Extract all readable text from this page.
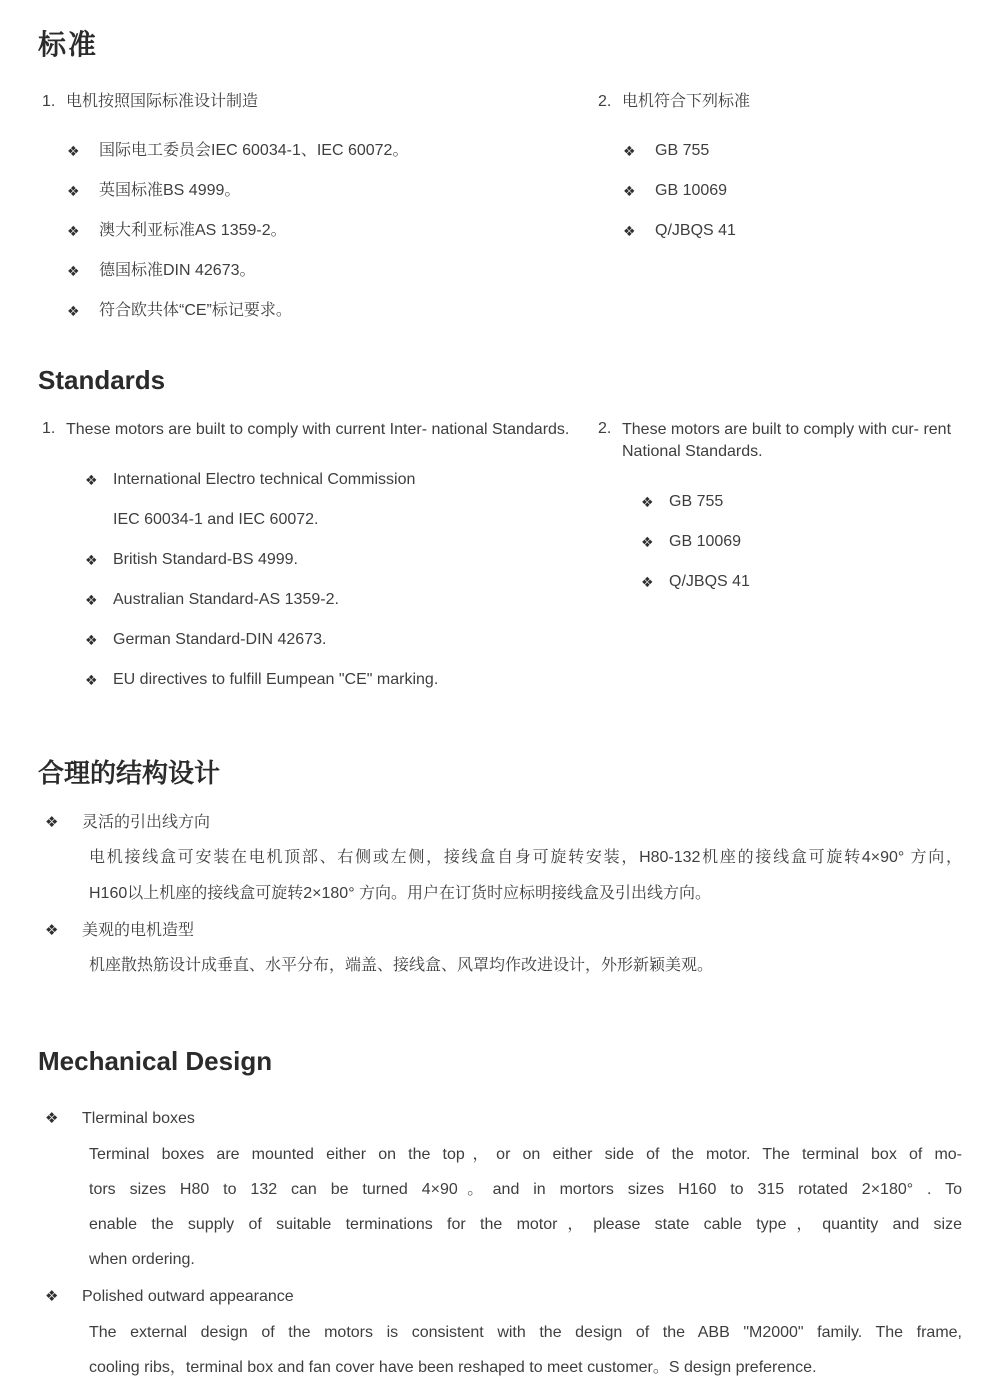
标准
1. 电机按照国际标准设计制造
❖	国际电工委员会IEC 60034-1、IEC 60072。
❖	英国标准BS 4999。
❖	澳大利亚标准AS 1359-2。
❖	德国标准DIN 42673。
❖	符合欧共体“CE”标记要求。
2. 电机符合下列标准
❖	GB 755
❖	GB 10069
❖	Q/JBQS 41
Standards
1. These motors are built to comply with current Inter- national Standards.
❖ International Electro technical Commission
IEC 60034-1 and IEC 60072.
❖ British Standard-BS 4999.
❖ Australian Standard-AS 1359-2.
❖ German Standard-DIN 42673.
❖ EU directives to fulfill Eumpean "CE" marking.
2. These motors are built to comply with cur- rent National Standards.
❖ GB 755
❖ GB 10069
❖ Q/JBQS 41
合理的结构设计
❖	灵活的引出线方向
电机接线盒可安装在电机顶部、右侧或左侧，接线盒自身可旋转安装，H80-132机座的接线盒可旋转4×90° 方向，
H160以上机座的接线盒可旋转2×180° 方向。用户在订货时应标明接线盒及引出线方向。
❖	美观的电机造型
机座散热筋设计成垂直、水平分布，端盖、接线盒、风罩均作改进设计，外形新颖美观。
Mechanical Design
❖	Tlerminal boxes
Terminal boxes are mounted either on the top，or on either side of the motor. The terminal box of mo-
tors sizes H80 to 132 can be turned 4×90。and in mortors sizes H160 to 315 rotated 2×180° . To
enable the supply of suitable terminations for the motor，please state cable type，quantity and size
when ordering.
❖	Polished outward appearance
The external design of the motors is consistent with the design of the ABB "M2000" family. The frame,
cooling ribs，terminal box and fan cover have been reshaped to meet customer。S design preference.
